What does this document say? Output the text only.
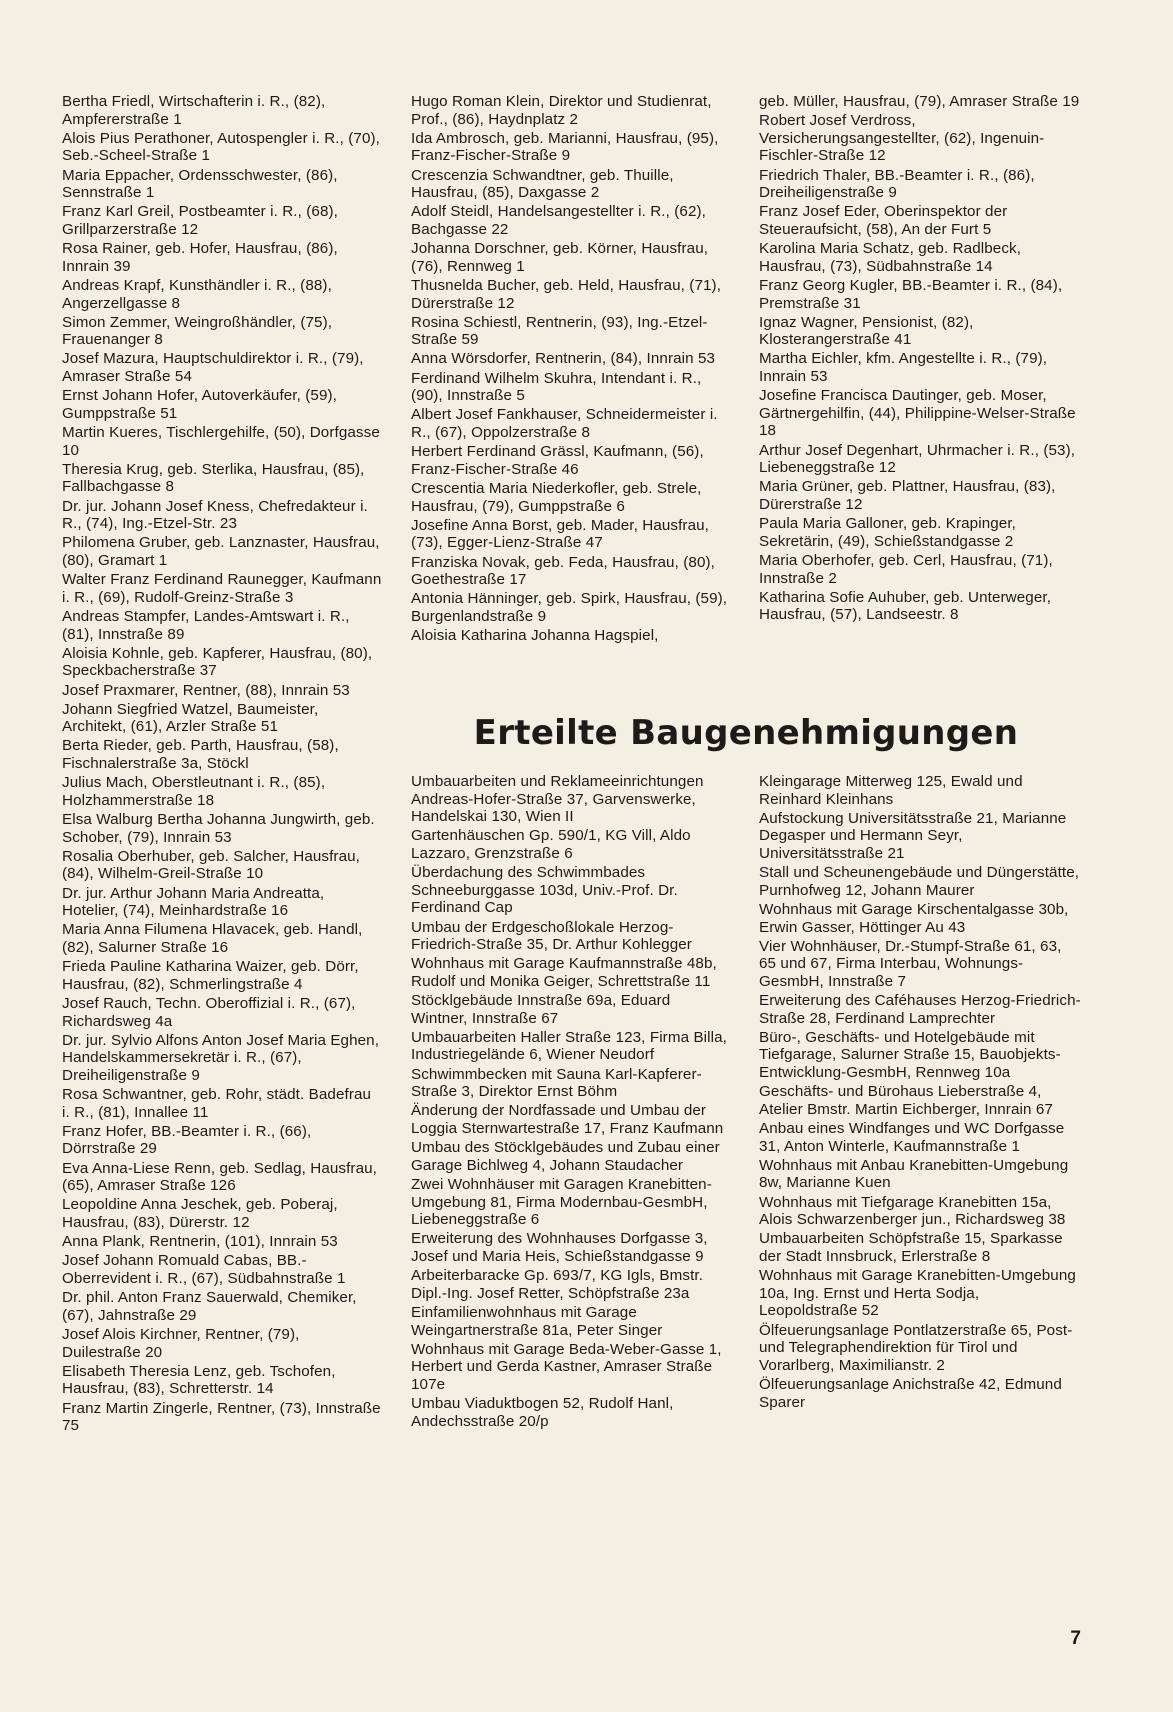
Bertha Friedl, Wirtschafterin i. R., (82), Ampfererstraße 1
Alois Pius Perathoner, Autospengler i. R., (70), Seb.-Scheel-Straße 1
Maria Eppacher, Ordensschwester, (86), Sennstraße 1
Franz Karl Greil, Postbeamter i. R., (68), Grillparzerstraße 12
Rosa Rainer, geb. Hofer, Hausfrau, (86), Innrain 39
Andreas Krapf, Kunsthändler i. R., (88), Angerzellgasse 8
Simon Zemmer, Weingroßhändler, (75), Frauenanger 8
Josef Mazura, Hauptschuldirektor i. R., (79), Amraser Straße 54
Ernst Johann Hofer, Autoverkäufer, (59), Gumppstraße 51
Martin Kueres, Tischlergehilfe, (50), Dorfgasse 10
Theresia Krug, geb. Sterlika, Hausfrau, (85), Fallbachgasse 8
Dr. jur. Johann Josef Kness, Chefredakteur i. R., (74), Ing.-Etzel-Str. 23
Philomena Gruber, geb. Lanznaster, Hausfrau, (80), Gramart 1
Walter Franz Ferdinand Raunegger, Kaufmann i. R., (69), Rudolf-Greinz-Straße 3
Andreas Stampfer, Landes-Amtswart i. R., (81), Innstraße 89
Aloisia Kohnle, geb. Kapferer, Hausfrau, (80), Speckbacherstraße 37
Josef Praxmarer, Rentner, (88), Innrain 53
Johann Siegfried Watzel, Baumeister, Architekt, (61), Arzler Straße 51
Berta Rieder, geb. Parth, Hausfrau, (58), Fischnalerstraße 3a, Stöckl
Julius Mach, Oberstleutnant i. R., (85), Holzhammerstraße 18
Elsa Walburg Bertha Johanna Jungwirth, geb. Schober, (79), Innrain 53
Rosalia Oberhuber, geb. Salcher, Hausfrau, (84), Wilhelm-Greil-Straße 10
Dr. jur. Arthur Johann Maria Andreatta, Hotelier, (74), Meinhardstraße 16
Maria Anna Filumena Hlavacek, geb. Handl, (82), Salurner Straße 16
Frieda Pauline Katharina Waizer, geb. Dörr, Hausfrau, (82), Schmerlingstraße 4
Josef Rauch, Techn. Oberoffizial i. R., (67), Richardsweg 4a
Dr. jur. Sylvio Alfons Anton Josef Maria Eghen, Handelskammersekretär i. R., (67), Dreiheiligenstraße 9
Rosa Schwantner, geb. Rohr, städt. Badefrau i. R., (81), Innallee 11
Franz Hofer, BB.-Beamter i. R., (66), Dörrstraße 29
Eva Anna-Liese Renn, geb. Sedlag, Hausfrau, (65), Amraser Straße 126
Leopoldine Anna Jeschek, geb. Poberaj, Hausfrau, (83), Dürerstr. 12
Anna Plank, Rentnerin, (101), Innrain 53
Josef Johann Romuald Cabas, BB.-Oberrevident i. R., (67), Südbahnstraße 1
Dr. phil. Anton Franz Sauerwald, Chemiker, (67), Jahnstraße 29
Josef Alois Kirchner, Rentner, (79), Duilestraße 20
Elisabeth Theresia Lenz, geb. Tschofen, Hausfrau, (83), Schretterstr. 14
Franz Martin Zingerle, Rentner, (73), Innstraße 75
Hugo Roman Klein, Direktor und Studienrat, Prof., (86), Haydnplatz 2
Ida Ambrosch, geb. Marianni, Hausfrau, (95), Franz-Fischer-Straße 9
Crescenzia Schwandtner, geb. Thuille, Hausfrau, (85), Daxgasse 2
Adolf Steidl, Handelsangestellter i. R., (62), Bachgasse 22
Johanna Dorschner, geb. Körner, Hausfrau, (76), Rennweg 1
Thusnelda Bucher, geb. Held, Hausfrau, (71), Dürerstraße 12
Rosina Schiestl, Rentnerin, (93), Ing.-Etzel-Straße 59
Anna Wörsdorfer, Rentnerin, (84), Innrain 53
Ferdinand Wilhelm Skuhra, Intendant i. R., (90), Innstraße 5
Albert Josef Fankhauser, Schneidermeister i. R., (67), Oppolzerstraße 8
Herbert Ferdinand Grässl, Kaufmann, (56), Franz-Fischer-Straße 46
Crescentia Maria Niederkofler, geb. Strele, Hausfrau, (79), Gumppstraße 6
Josefine Anna Borst, geb. Mader, Hausfrau, (73), Egger-Lienz-Straße 47
Franziska Novak, geb. Feda, Hausfrau, (80), Goethestraße 17
Antonia Hänninger, geb. Spirk, Hausfrau, (59), Burgenlandstraße 9
Aloisia Katharina Johanna Hagspiel,
geb. Müller, Hausfrau, (79), Amraser Straße 19
Robert Josef Verdross, Versicherungsangestellter, (62), Ingenuin-Fischler-Straße 12
Friedrich Thaler, BB.-Beamter i. R., (86), Dreiheiligenstraße 9
Franz Josef Eder, Oberinspektor der Steueraufsicht, (58), An der Furt 5
Karolina Maria Schatz, geb. Radlbeck, Hausfrau, (73), Südbahnstraße 14
Franz Georg Kugler, BB.-Beamter i. R., (84), Premstraße 31
Ignaz Wagner, Pensionist, (82), Klosterangerstraße 41
Martha Eichler, kfm. Angestellte i. R., (79), Innrain 53
Josefine Francisca Dautinger, geb. Moser, Gärtnergehilfin, (44), Philippine-Welser-Straße 18
Arthur Josef Degenhart, Uhrmacher i. R., (53), Liebeneggstraße 12
Maria Grüner, geb. Plattner, Hausfrau, (83), Dürerstraße 12
Paula Maria Galloner, geb. Krapinger, Sekretärin, (49), Schießstandgasse 2
Maria Oberhofer, geb. Cerl, Hausfrau, (71), Innstraße 2
Katharina Sofie Auhuber, geb. Unterweger, Hausfrau, (57), Landseestr. 8
Erteilte Baugenehmigungen
Umbauarbeiten und Reklameeinrichtungen Andreas-Hofer-Straße 37, Garvenswerke, Handelskai 130, Wien II
Gartenhäuschen Gp. 590/1, KG Vill, Aldo Lazzaro, Grenzstraße 6
Überdachung des Schwimmbades Schneeburggasse 103d, Univ.-Prof. Dr. Ferdinand Cap
Umbau der Erdgeschoßlokale Herzog-Friedrich-Straße 35, Dr. Arthur Kohlegger
Wohnhaus mit Garage Kaufmannstraße 48b, Rudolf und Monika Geiger, Schrettstraße 11
Stöcklgebäude Innstraße 69a, Eduard Wintner, Innstraße 67
Umbauarbeiten Haller Straße 123, Firma Billa, Industriegelände 6, Wiener Neudorf
Schwimmbecken mit Sauna Karl-Kapferer-Straße 3, Direktor Ernst Böhm
Änderung der Nordfassade und Umbau der Loggia Sternwartestraße 17, Franz Kaufmann
Umbau des Stöcklgebäudes und Zubau einer Garage Bichlweg 4, Johann Staudacher
Zwei Wohnhäuser mit Garagen Kranebitten-Umgebung 81, Firma Modernbau-GesmbH, Liebeneggstraße 6
Erweiterung des Wohnhauses Dorfgasse 3, Josef und Maria Heis, Schießstandgasse 9
Arbeiterbaracke Gp. 693/7, KG Igls, Bmstr. Dipl.-Ing. Josef Retter, Schöpfstraße 23a
Einfamilienwohnhaus mit Garage Weingartnerstraße 81a, Peter Singer
Wohnhaus mit Garage Beda-Weber-Gasse 1, Herbert und Gerda Kastner, Amraser Straße 107e
Umbau Viaduktbogen 52, Rudolf Hanl, Andechsstraße 20/p
Kleingarage Mitterweg 125, Ewald und Reinhard Kleinhans
Aufstockung Universitätsstraße 21, Marianne Degasper und Hermann Seyr, Universitätsstraße 21
Stall und Scheunengebäude und Düngerstätte, Purnhofweg 12, Johann Maurer
Wohnhaus mit Garage Kirschentalgasse 30b, Erwin Gasser, Höttinger Au 43
Vier Wohnhäuser, Dr.-Stumpf-Straße 61, 63, 65 und 67, Firma Interbau, Wohnungs-GesmbH, Innstraße 7
Erweiterung des Caféhauses Herzog-Friedrich-Straße 28, Ferdinand Lamprechter
Büro-, Geschäfts- und Hotelgebäude mit Tiefgarage, Salurner Straße 15, Bauobjekts-Entwicklung-GesmbH, Rennweg 10a
Geschäfts- und Bürohaus Lieberstraße 4, Atelier Bmstr. Martin Eichberger, Innrain 67
Anbau eines Windfanges und WC Dorfgasse 31, Anton Winterle, Kaufmannstraße 1
Wohnhaus mit Anbau Kranebitten-Umgebung 8w, Marianne Kuen
Wohnhaus mit Tiefgarage Kranebitten 15a, Alois Schwarzenberger jun., Richardsweg 38
Umbauarbeiten Schöpfstraße 15, Sparkasse der Stadt Innsbruck, Erlerstraße 8
Wohnhaus mit Garage Kranebitten-Umgebung 10a, Ing. Ernst und Herta Sodja, Leopoldstraße 52
Ölfeuerungsanlage Pontlatzerstraße 65, Post- und Telegraphendirektion für Tirol und Vorarlberg, Maximilianstr. 2
Ölfeuerungsanlage Anichstraße 42, Edmund Sparer
7
